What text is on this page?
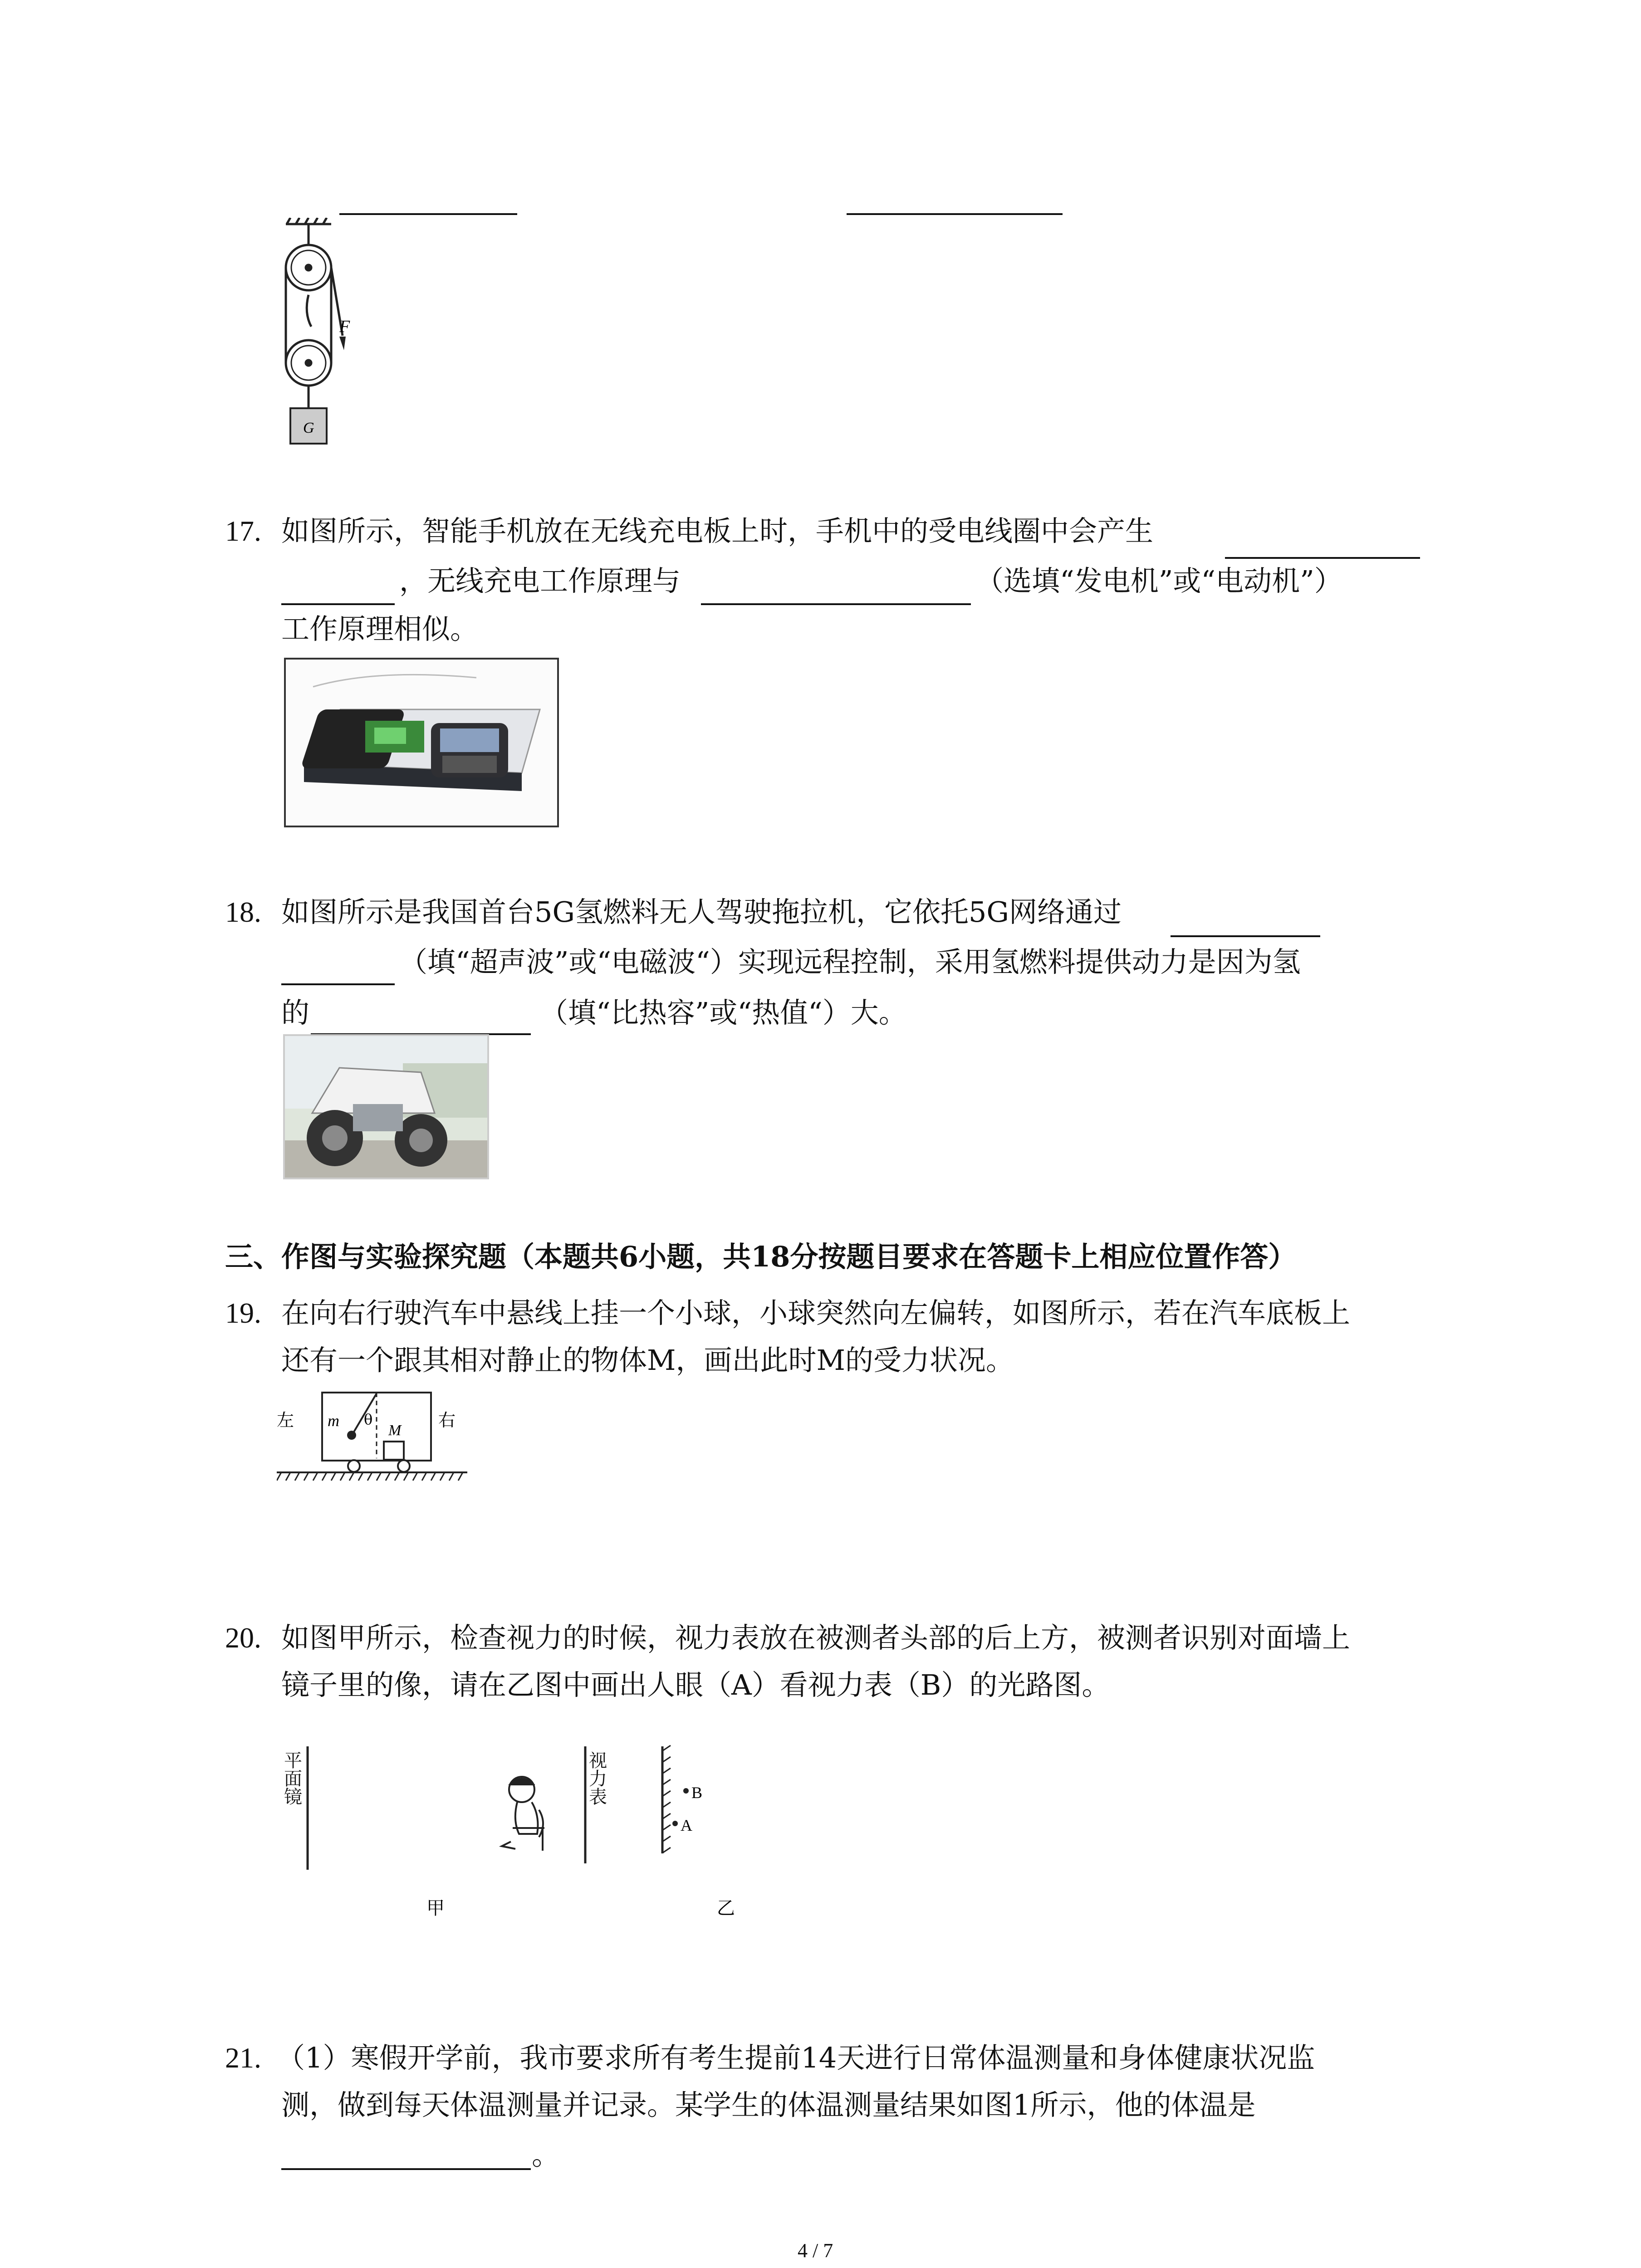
F
G
17. 如图所示，智能手机放在无线充电板上时，手机中的受电线圈中会产生
，无线充电工作原理与	（选填“发电机”或“电动机”）
工作原理相似。
18. 如图所示是我国首台5G氢燃料无人驾驶拖拉机，它依托5G网络通过
（填“超声波”或“电磁波“）实现远程控制，采用氢燃料提供动力是因为氢
的	（填“比热容”或“热值“）大。
三、作图与实验探究题（本题共6小题，共18分按题目要求在答题卡上相应位置作答）
19. 在向右行驶汽车中悬线上挂一个小球，小球突然向左偏转，如图所示，若在汽车底板上
还有一个跟其相对静止的物体M，画出此时M的受力状况。
左	右
m θ
M
20. 如图甲所示，检查视力的时候，视力表放在被测者头部的后上方，被测者识别对面墙上
镜子里的像，请在乙图中画出人眼（A）看视力表（B）的光路图。
B
A
甲	乙
平面镜
视力表
21. （1）寒假开学前，我市要求所有考生提前14天进行日常体温测量和身体健康状况监
测，做到每天体温测量并记录。某学生的体温测量结果如图1所示，他的体温是
。
4 / 7
